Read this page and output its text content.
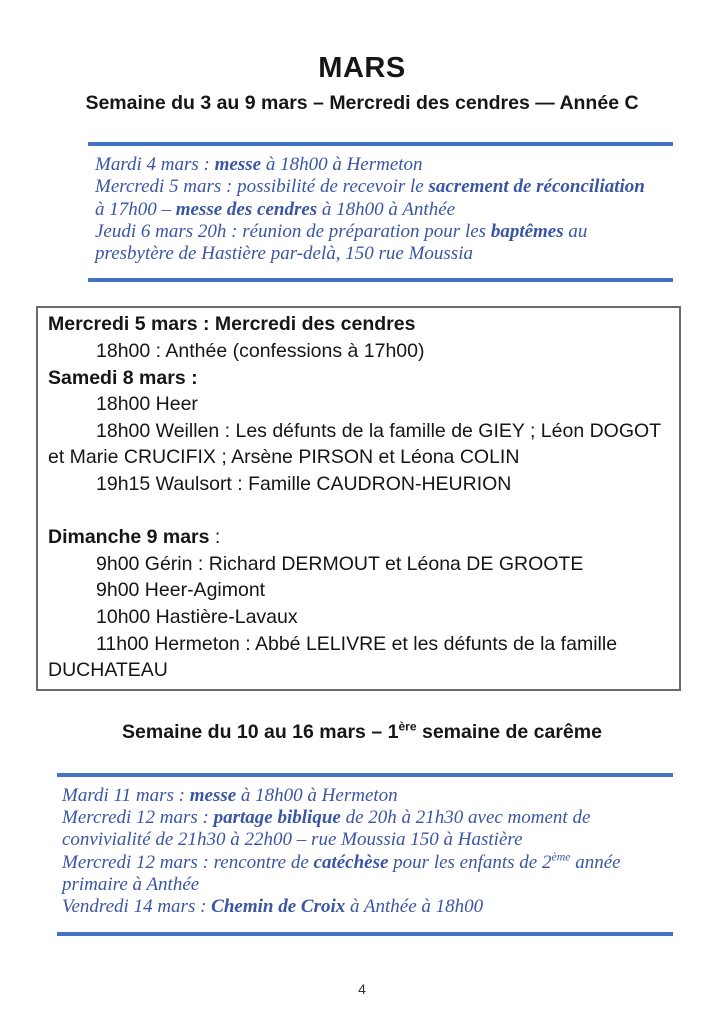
MARS
Semaine du 3 au 9 mars – Mercredi des cendres — Année C

Mardi 4 mars : messe à 18h00 à Hermeton

Mercredi 5 mars : possibilité de recevoir le sacrement de réconciliation

à 17h00 – messe des cendres à 18h00 à Anthée

Jeudi 6 mars 20h : réunion de préparation pour les baptêmes au

presbytère de Hastière par-delà, 150 rue Moussia

Mercredi 5 mars : Mercredi des cendres

18h00 : Anthée (confessions à 17h00)

Samedi 8 mars :

18h00 Heer

18h00 Weillen : Les défunts de la famille de GIEY ; Léon DOGOT

et Marie CRUCIFIX ; Arsène PIRSON et Léona COLIN

19h15 Waulsort : Famille CAUDRON-HEURION

Dimanche 9 mars :

9h00 Gérin : Richard DERMOUT et Léona DE GROOTE

9h00 Heer-Agimont

10h00 Hastière-Lavaux

11h00 Hermeton : Abbé LELIVRE et les défunts de la famille

DUCHATEAU

Semaine du 10 au 16 mars – 1ère semaine de carême

Mardi 11 mars : messe à 18h00 à Hermeton

Mercredi 12 mars : partage biblique de 20h à 21h30 avec moment de

convivialité de 21h30 à 22h00 – rue Moussia 150 à Hastière

Mercredi 12 mars : rencontre de catéchèse pour les enfants de 2ème année

primaire à Anthée

Vendredi 14 mars : Chemin de Croix à Anthée à 18h00

4
